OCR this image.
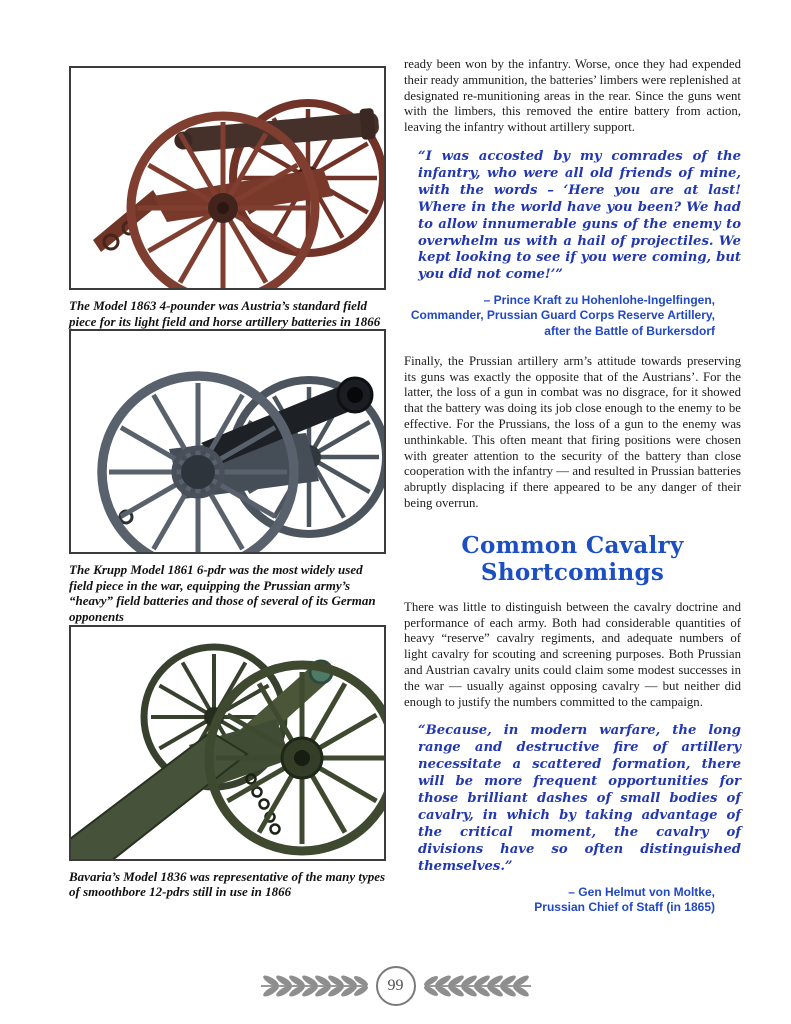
The Model 1863 4-pounder was Austria’s standard field piece for its light field and horse artillery batteries in 1866
The Krupp Model 1861 6-pdr was the most widely used field piece in the war, equipping the Prussian army’s “heavy” field batteries and those of several of its German opponents
Bavaria’s Model 1836 was representative of the many types of smoothbore 12-pdrs still in use in 1866

ready been won by the infantry. Worse, once they had expended their ready ammunition, the batteries’ limbers were replenished at designated re-munitioning areas in the rear. Since the guns went with the limbers, this removed the entire battery from action, leaving the infantry without artillery support.

“I was accosted by my comrades of the infantry, who were all old friends of mine, with the words – ‘Here you are at last! Where in the world have you been? We had to allow innumerable guns of the enemy to overwhelm us with a hail of projectiles. We kept looking to see if you were coming, but you did not come!’”
– Prince Kraft zu Hohenlohe-Ingelfingen,
Commander, Prussian Guard Corps Reserve Artillery,
after the Battle of Burkersdorf

Finally, the Prussian artillery arm’s attitude towards preserving its guns was exactly the opposite that of the Austrians’. For the latter, the loss of a gun in combat was no disgrace, for it showed that the battery was doing its job close enough to the enemy to be effective. For the Prussians, the loss of a gun to the enemy was unthinkable. This often meant that firing positions were chosen with greater attention to the security of the battery than close cooperation with the infantry — and resulted in Prussian batteries abruptly displacing if there appeared to be any danger of their being overrun.

Common Cavalry Shortcomings

There was little to distinguish between the cavalry doctrine and performance of each army. Both had considerable quantities of heavy “reserve” cavalry regiments, and adequate numbers of light cavalry for scouting and screening purposes. Both Prussian and Austrian cavalry units could claim some modest successes in the war — usually against opposing cavalry — but neither did enough to justify the numbers committed to the campaign.

“Because, in modern warfare, the long range and destructive fire of artillery necessitate a scattered formation, there will be more frequent opportunities for those brilliant dashes of small bodies of cavalry, in which by taking advantage of the critical moment, the cavalry of divisions have so often distinguished themselves.”
– Gen Helmut von Moltke,
Prussian Chief of Staff (in 1865)
99
